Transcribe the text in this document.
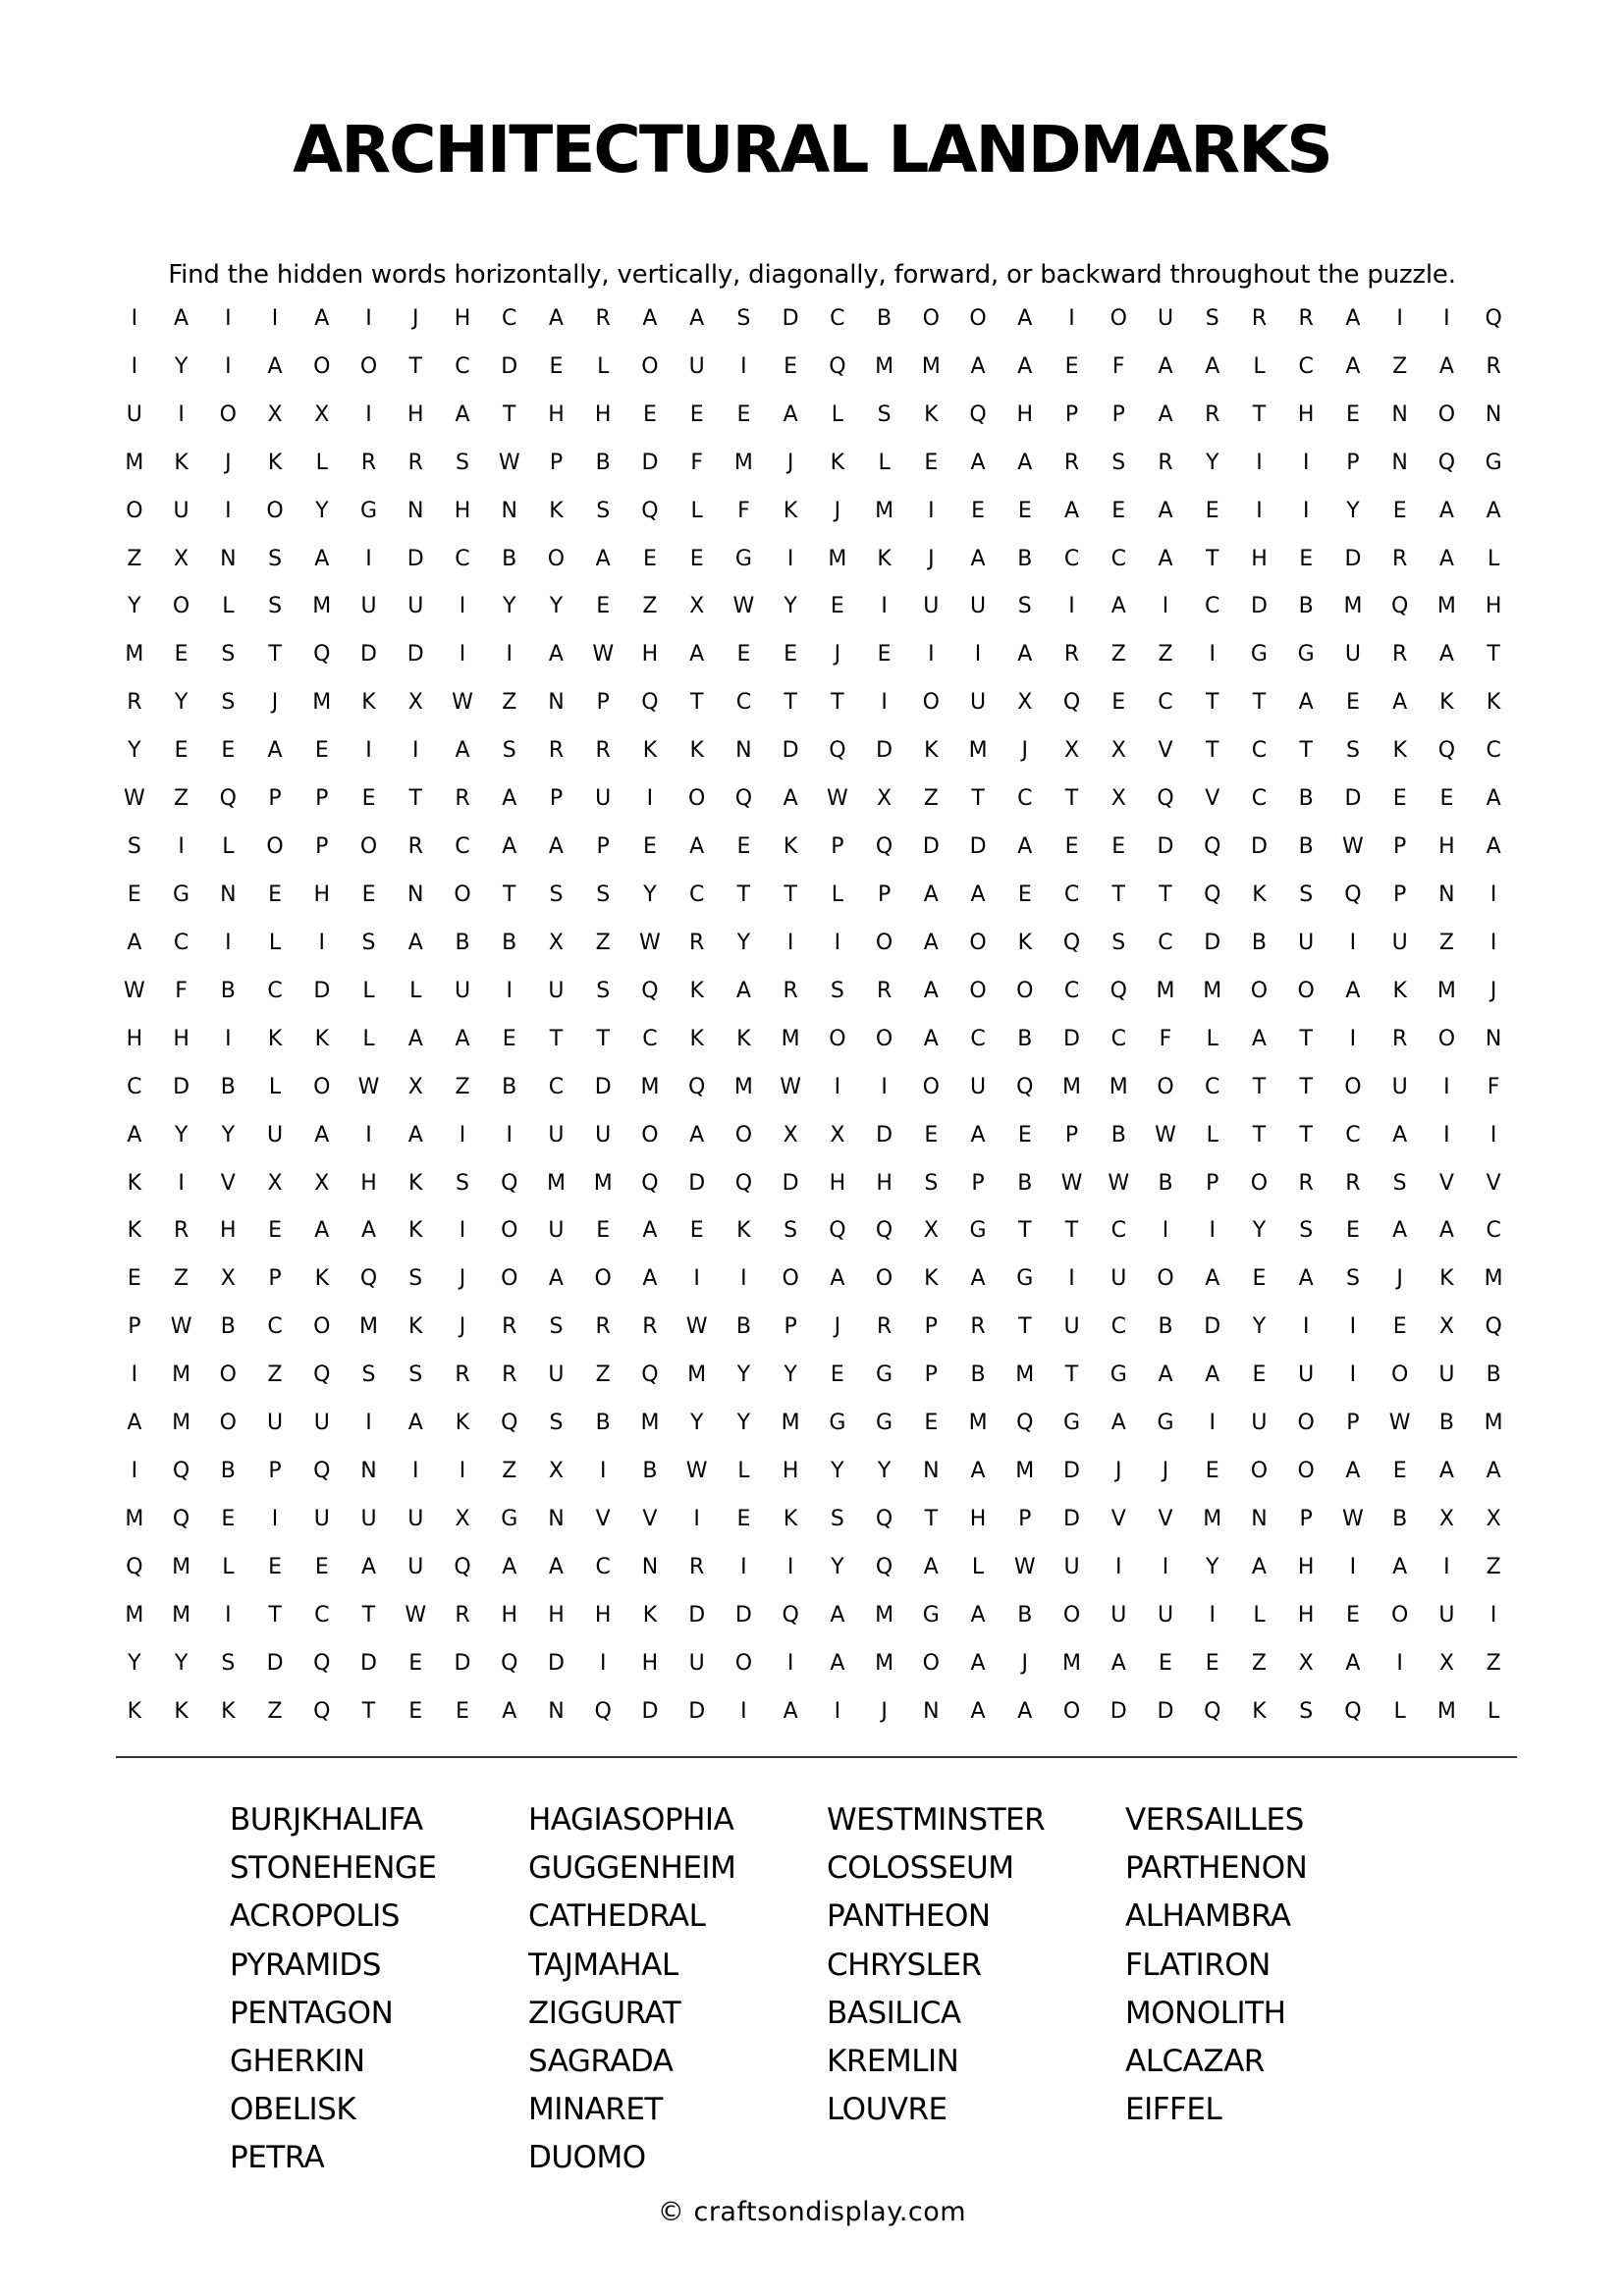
ARCHITECTURAL LANDMARKS
Find the hidden words horizontally, vertically, diagonally, forward, or backward throughout the puzzle.
I	A	I	I	A	I	J	H	C	A	R	A	A	S	D	C	B	O	O	A	I	O	U	S	R	R	A	I	I	Q
I	Y	I	A	O	O	T	C	D	E	L	O	U	I	E	Q	M	M	A	A	E	F	A	A	L	C	A	Z	A	R
U	I	O	X	X	I	H	A	T	H	H	E	E	E	A	L	S	K	Q	H	P	P	A	R	T	H	E	N	O	N
M	K	J	K	L	R	R	S	W	P	B	D	F	M	J	K	L	E	A	A	R	S	R	Y	I	I	P	N	Q	G
O	U	I	O	Y	G	N	H	N	K	S	Q	L	F	K	J	M	I	E	E	A	E	A	E	I	I	Y	E	A	A
Z	X	N	S	A	I	D	C	B	O	A	E	E	G	I	M	K	J	A	B	C	C	A	T	H	E	D	R	A	L
Y	O	L	S	M	U	U	I	Y	Y	E	Z	X	W	Y	E	I	U	U	S	I	A	I	C	D	B	M	Q	M	H
M	E	S	T	Q	D	D	I	I	A	W	H	A	E	E	J	E	I	I	A	R	Z	Z	I	G	G	U	R	A	T
R	Y	S	J	M	K	X	W	Z	N	P	Q	T	C	T	T	I	O	U	X	Q	E	C	T	T	A	E	A	K	K
Y	E	E	A	E	I	I	A	S	R	R	K	K	N	D	Q	D	K	M	J	X	X	V	T	C	T	S	K	Q	C
W	Z	Q	P	P	E	T	R	A	P	U	I	O	Q	A	W	X	Z	T	C	T	X	Q	V	C	B	D	E	E	A
S	I	L	O	P	O	R	C	A	A	P	E	A	E	K	P	Q	D	D	A	E	E	D	Q	D	B	W	P	H	A
E	G	N	E	H	E	N	O	T	S	S	Y	C	T	T	L	P	A	A	E	C	T	T	Q	K	S	Q	P	N	I
A	C	I	L	I	S	A	B	B	X	Z	W	R	Y	I	I	O	A	O	K	Q	S	C	D	B	U	I	U	Z	I
W	F	B	C	D	L	L	U	I	U	S	Q	K	A	R	S	R	A	O	O	C	Q	M	M	O	O	A	K	M	J
H	H	I	K	K	L	A	A	E	T	T	C	K	K	M	O	O	A	C	B	D	C	F	L	A	T	I	R	O	N
C	D	B	L	O	W	X	Z	B	C	D	M	Q	M	W	I	I	O	U	Q	M	M	O	C	T	T	O	U	I	F
A	Y	Y	U	A	I	A	I	I	U	U	O	A	O	X	X	D	E	A	E	P	B	W	L	T	T	C	A	I	I
K	I	V	X	X	H	K	S	Q	M	M	Q	D	Q	D	H	H	S	P	B	W	W	B	P	O	R	R	S	V	V
K	R	H	E	A	A	K	I	O	U	E	A	E	K	S	Q	Q	X	G	T	T	C	I	I	Y	S	E	A	A	C
E	Z	X	P	K	Q	S	J	O	A	O	A	I	I	O	A	O	K	A	G	I	U	O	A	E	A	S	J	K	M
P	W	B	C	O	M	K	J	R	S	R	R	W	B	P	J	R	P	R	T	U	C	B	D	Y	I	I	E	X	Q
I	M	O	Z	Q	S	S	R	R	U	Z	Q	M	Y	Y	E	G	P	B	M	T	G	A	A	E	U	I	O	U	B
A	M	O	U	U	I	A	K	Q	S	B	M	Y	Y	M	G	G	E	M	Q	G	A	G	I	U	O	P	W	B	M
I	Q	B	P	Q	N	I	I	Z	X	I	B	W	L	H	Y	Y	N	A	M	D	J	J	E	O	O	A	E	A	A
M	Q	E	I	U	U	U	X	G	N	V	V	I	E	K	S	Q	T	H	P	D	V	V	M	N	P	W	B	X	X
Q	M	L	E	E	A	U	Q	A	A	C	N	R	I	I	Y	Q	A	L	W	U	I	I	Y	A	H	I	A	I	Z
M	M	I	T	C	T	W	R	H	H	H	K	D	D	Q	A	M	G	A	B	O	U	U	I	L	H	E	O	U	I
Y	Y	S	D	Q	D	E	D	Q	D	I	H	U	O	I	A	M	O	A	J	M	A	E	E	Z	X	A	I	X	Z
K	K	K	Z	Q	T	E	E	A	N	Q	D	D	I	A	I	J	N	A	A	O	D	D	Q	K	S	Q	L	M	L
BURJKHALIFA
STONEHENGE
ACROPOLIS
PYRAMIDS
PENTAGON
GHERKIN
OBELISK
PETRA
HAGIASOPHIA
GUGGENHEIM
CATHEDRAL
TAJMAHAL
ZIGGURAT
SAGRADA
MINARET
DUOMO
WESTMINSTER
COLOSSEUM
PANTHEON
CHRYSLER
BASILICA
KREMLIN
LOUVRE
VERSAILLES
PARTHENON
ALHAMBRA
FLATIRON
MONOLITH
ALCAZAR
EIFFEL
© craftsondisplay.com
